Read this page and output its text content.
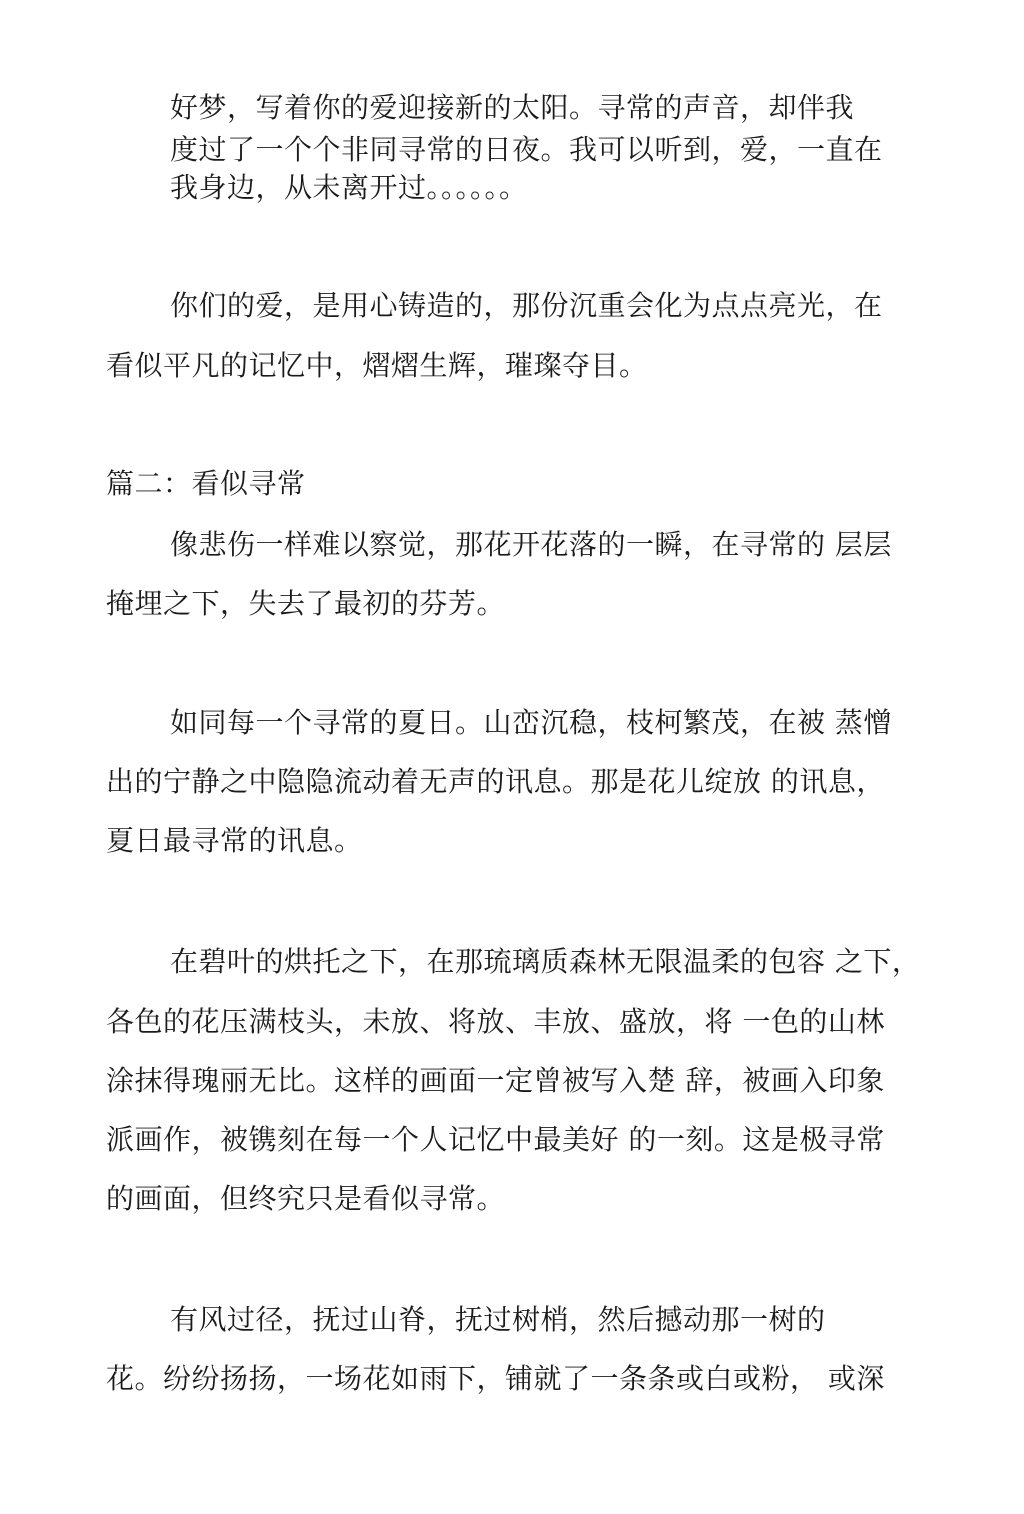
好梦，写着你的爱迎接新的太阳。寻常的声音，却伴我
度过了一个个非同寻常的日夜。我可以听到，爱，一直在
我身边，从未离开过。。。。。。
你们的爱，是用心铸造的，那份沉重会化为点点亮光，在
看似平凡的记忆中，熠熠生辉，璀璨夺目。
篇二：看似寻常
像悲伤一样难以察觉，那花开花落的一瞬，在寻常的 层层
掩埋之下，失去了最初的芬芳。
如同每一个寻常的夏日。山峦沉稳，枝柯繁茂，在被 蒸憎
出的宁静之中隐隐流动着无声的讯息。那是花儿绽放 的讯息，
夏日最寻常的讯息。
在碧叶的烘托之下，在那琉璃质森林无限温柔的包容 之下，
各色的花压满枝头，未放、将放、丰放、盛放，将 一色的山林
涂抹得瑰丽无比。这样的画面一定曾被写入楚 辞，被画入印象
派画作，被镌刻在每一个人记忆中最美好 的一刻。这是极寻常
的画面，但终究只是看似寻常。
有风过径，抚过山脊，抚过树梢，然后撼动那一树的
花。纷纷扬扬，一场花如雨下，铺就了一条条或白或粉， 或深
